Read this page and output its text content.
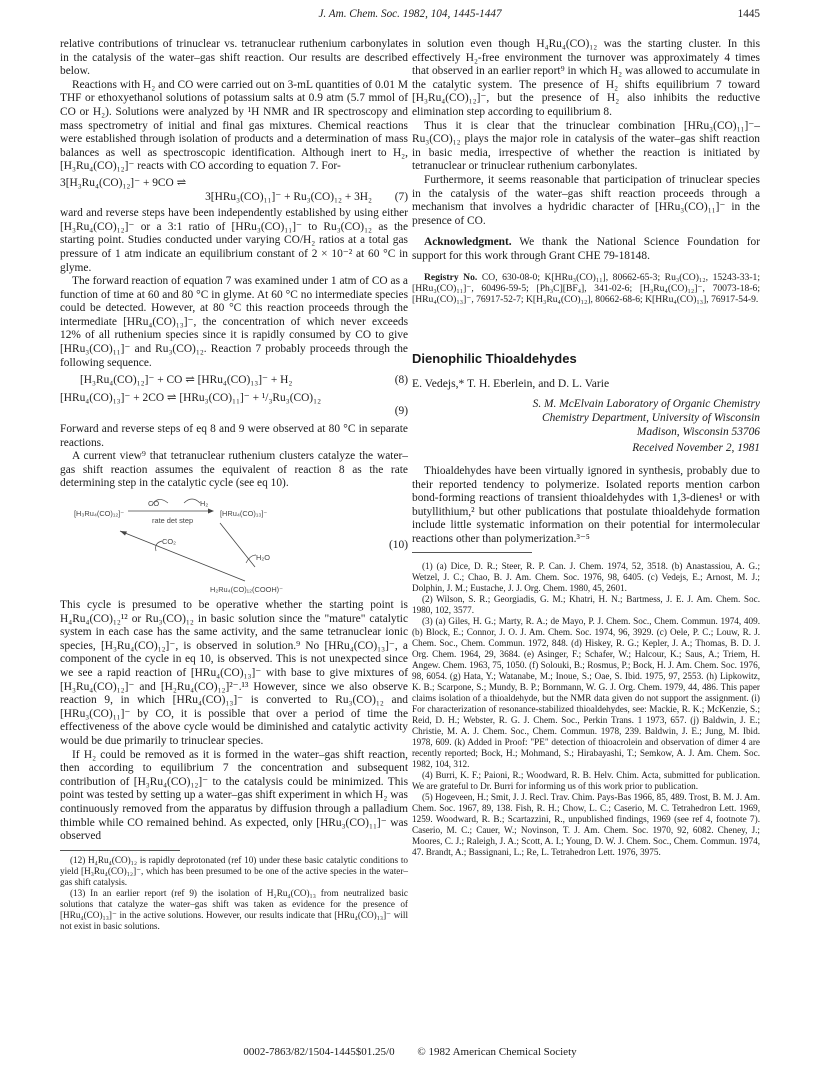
J. Am. Chem. Soc. 1982, 104, 1445-1447	1445

relative contributions of trinuclear vs. tetranuclear ruthenium carbonylates in the catalysis of the water–gas shift reaction. Our results are described below.

Reactions with H₂ and CO were carried out on 3-mL quantities of 0.01 M THF or ethoxyethanol solutions of potassium salts at 0.9 atm (5.7 mmol of CO or H₂). Solutions were analyzed by ¹H NMR and IR spectroscopy and mass spectrometry of initial and final gas mixtures. Chemical reactions were established through isolation of products and a determination of mass balances as well as spectroscopic identification. Although inert to H₂, [H₃Ru₄(CO)₁₂]⁻ reacts with CO according to equation 7. For-

3[H₃Ru₄(CO)₁₂]⁻ + 9CO ⇌
3[HRu₃(CO)₁₁]⁻ + Ru₃(CO)₁₂ + 3H₂	(7)

ward and reverse steps have been independently established by using either [H₃Ru₄(CO)₁₂]⁻ or a 3:1 ratio of [HRu₃(CO)₁₁]⁻ to Ru₃(CO)₁₂ as the starting point. Studies conducted under varying CO/H₂ ratios at a total gas pressure of 1 atm indicate an equilibrium constant of 2 × 10⁻² at 60 °C in glyme.

The forward reaction of equation 7 was examined under 1 atm of CO as a function of time at 60 and 80 °C in glyme. At 60 °C no intermediate species could be detected. However, at 80 °C this reaction proceeds through the intermediate [HRu₄(CO)₁₃]⁻, the concentration of which never exceeds 12% of all ruthenium species since it is rapidly consumed by CO to give [HRu₃(CO)₁₁]⁻ and Ru₃(CO)₁₂. Reaction 7 probably proceeds through the following sequence.

[H₃Ru₄(CO)₁₂]⁻ + CO ⇌ [HRu₄(CO)₁₃]⁻ + H₂	(8)
[HRu₄(CO)₁₃]⁻ + 2CO ⇌ [HRu₃(CO)₁₁]⁻ + ¹/₃Ru₃(CO)₁₂
(9)

Forward and reverse steps of eq 8 and 9 were observed at 80 °C in separate reactions.

A current view⁹ that tetranuclear ruthenium clusters catalyze the water–gas shift reaction assumes the equivalent of reaction 8 as the rate determining step in the catalytic cycle (see eq 10).

[H₃Ru₄(CO)₁₂]⁻	[HRu₄(CO)₁₃]⁻
CO	H₂
rate det step
CO₂
H₂O
H₂Ru₄(CO)₁₂(COOH)⁻
(10)

This cycle is presumed to be operative whether the starting point is H₄Ru₄(CO)₁₂¹² or Ru₃(CO)₁₂ in basic solution since the "mature" catalytic system in each case has the same activity, and the same tetranuclear ionic species, [H₃Ru₄(CO)₁₂]⁻, is observed in solution.⁹ No [HRu₄(CO)₁₃]⁻, a component of the cycle in eq 10, is observed. This is not unexpected since we see a rapid reaction of [HRu₄(CO)₁₃]⁻ with base to give mixtures of [H₃Ru₄(CO)₁₂]⁻ and [H₂Ru₄(CO)₁₂]²⁻.¹³ However, since we also observe reaction 9, in which [HRu₄(CO)₁₃]⁻ is converted to Ru₃(CO)₁₂ and [HRu₃(CO)₁₁]⁻ by CO, it is possible that over a period of time the effectiveness of the above cycle would be diminished and catalytic activity would be due primarily to trinuclear species.

If H₂ could be removed as it is formed in the water–gas shift reaction, then according to equilibrium 7 the concentration and subsequent contribution of [H₃Ru₄(CO)₁₂]⁻ to the catalysis could be minimized. This point was tested by setting up a water–gas shift experiment in which H₂ was continuously removed from the apparatus by diffusion through a palladium thimble while CO remained behind. As expected, only [HRu₃(CO)₁₁]⁻ was observed

(12) H₄Ru₄(CO)₁₂ is rapidly deprotonated (ref 10) under these basic catalytic conditions to yield [H₃Ru₄(CO)₁₂]⁻, which has been presumed to be one of the active species in the water–gas shift catalysis.

(13) In an earlier report (ref 9) the isolation of H₂Ru₄(CO)₁₃ from neutralized basic solutions that catalyze the water–gas shift was taken as evidence for the presence of [HRu₄(CO)₁₃]⁻ in the active solutions. However, our results indicate that [HRu₄(CO)₁₃]⁻ will not exist in basic solutions.

in solution even though H₄Ru₄(CO)₁₂ was the starting cluster. In this effectively H₂-free environment the turnover was approximately 4 times that observed in an earlier report⁹ in which H₂ was allowed to accumulate in the catalytic system. The presence of H₂ shifts equilibrium 7 toward [H₃Ru₄(CO)₁₂]⁻, but the presence of H₂ also inhibits the reductive elimination step according to equilibrium 8.

Thus it is clear that the trinuclear combination [HRu₃(CO)₁₁]⁻–Ru₃(CO)₁₂ plays the major role in catalysis of the water–gas shift reaction in basic media, irrespective of whether the reaction is initiated by tetranuclear or trinuclear ruthenium carbonylates.

Furthermore, it seems reasonable that participation of trinuclear species in the catalysis of the water–gas shift reaction proceeds through a mechanism that involves a hydridic character of [HRu₃(CO)₁₁]⁻ in the presence of CO.

Acknowledgment. We thank the National Science Foundation for support for this work through Grant CHE 79-18148.

Registry No. CO, 630-08-0; K[HRu₃(CO)₁₁], 80662-65-3; Ru₃(CO)₁₂, 15243-33-1; [HRu₃(CO)₁₁]⁻, 60496-59-5; [Ph₃C][BF₄], 341-02-6; [H₃Ru₄(CO)₁₂]⁻, 70073-18-6; [HRu₄(CO)₁₃]⁻, 76917-52-7; K[H₃Ru₄(CO)₁₂], 80662-68-6; K[HRu₄(CO)₁₃], 76917-54-9.

Dienophilic Thioaldehydes
E. Vedejs,* T. H. Eberlein, and D. L. Varie
S. M. McElvain Laboratory of Organic Chemistry
Chemistry Department, University of Wisconsin
Madison, Wisconsin 53706
Received November 2, 1981

Thioaldehydes have been virtually ignored in synthesis, probably due to their reported tendency to polymerize. Isolated reports mention carbon bond-forming reactions of transient thioaldehydes with 1,3-dienes¹ or with butyllithium,² but other publications that postulate thioaldehyde formation include little systematic information on their potential for intermolecular reactions other than polymerization.³⁻⁵

(1) (a) Dice, D. R.; Steer, R. P. Can. J. Chem. 1974, 52, 3518. (b) Anastassiou, A. G.; Wetzel, J. C.; Chao, B. J. Am. Chem. Soc. 1976, 98, 6405. (c) Vedejs, E.; Arnost, M. J.; Dolphin, J. M.; Eustache, J. J. Org. Chem. 1980, 45, 2601.

(2) Wilson, S. R.; Georgiadis, G. M.; Khatri, H. N.; Bartmess, J. E. J. Am. Chem. Soc. 1980, 102, 3577.

(3) (a) Giles, H. G.; Marty, R. A.; de Mayo, P. J. Chem. Soc., Chem. Commun. 1974, 409. (b) Block, E.; Connor, J. O. J. Am. Chem. Soc. 1974, 96, 3929. (c) Oele, P. C.; Louw, R. J. Chem. Soc., Chem. Commun. 1972, 848. (d) Hiskey, R. G.; Kepler, J. A.; Thomas, B. D. J. Org. Chem. 1964, 29, 3684. (e) Asinger, F.; Schafer, W.; Halcour, K.; Saus, A.; Triem, H. Angew. Chem. 1963, 75, 1050. (f) Solouki, B.; Rosmus, P.; Bock, H. J. Am. Chem. Soc. 1976, 98, 6054. (g) Hata, Y.; Watanabe, M.; Inoue, S.; Oae, S. Ibid. 1975, 97, 2553. (h) Lipkowitz, K. B.; Scarpone, S.; Mundy, B. P.; Bornmann, W. G. J. Org. Chem. 1979, 44, 486. This paper claims isolation of a thioaldehyde, but the NMR data given do not support the assignment. (i) For characterization of resonance-stabilized thioaldehydes, see: Mackie, R. K.; McKenzie, S.; Reid, D. H.; Webster, R. G. J. Chem. Soc., Perkin Trans. 1 1973, 657. (j) Baldwin, J. E.; Christie, M. A. J. Chem. Soc., Chem. Commun. 1978, 239. Baldwin, J. E.; Jung, M. Ibid. 1978, 609. (k) Added in Proof: "PE" detection of thioacrolein and observation of dimer 4 are recently reported; Bock, H.; Mohmand, S.; Hirabayashi, T.; Semkow, A. J. Am. Chem. Soc. 1982, 104, 312.

(4) Burri, K. F.; Paioni, R.; Woodward, R. B. Helv. Chim. Acta, submitted for publication. We are grateful to Dr. Burri for informing us of this work prior to publication.

(5) Hogeveen, H.; Smit, J. J. Recl. Trav. Chim. Pays-Bas 1966, 85, 489. Trost, B. M. J. Am. Chem. Soc. 1967, 89, 138. Fish, R. H.; Chow, L. C.; Caserio, M. C. Tetrahedron Lett. 1969, 1259. Woodward, R. B.; Scartazzini, R., unpublished findings, 1969 (see ref 4, footnote 7). Caserio, M. C.; Cauer, W.; Novinson, T. J. Am. Chem. Soc. 1970, 92, 6082. Cheney, J.; Moores, C. J.; Raleigh, J. A.; Scott, A. I.; Young, D. W. J. Chem. Soc., Chem. Commun. 1974, 47. Brandt, A.; Bassignani, L.; Re, L. Tetrahedron Lett. 1976, 3975.

0002-7863/82/1504-1445$01.25/0 © 1982 American Chemical Society
